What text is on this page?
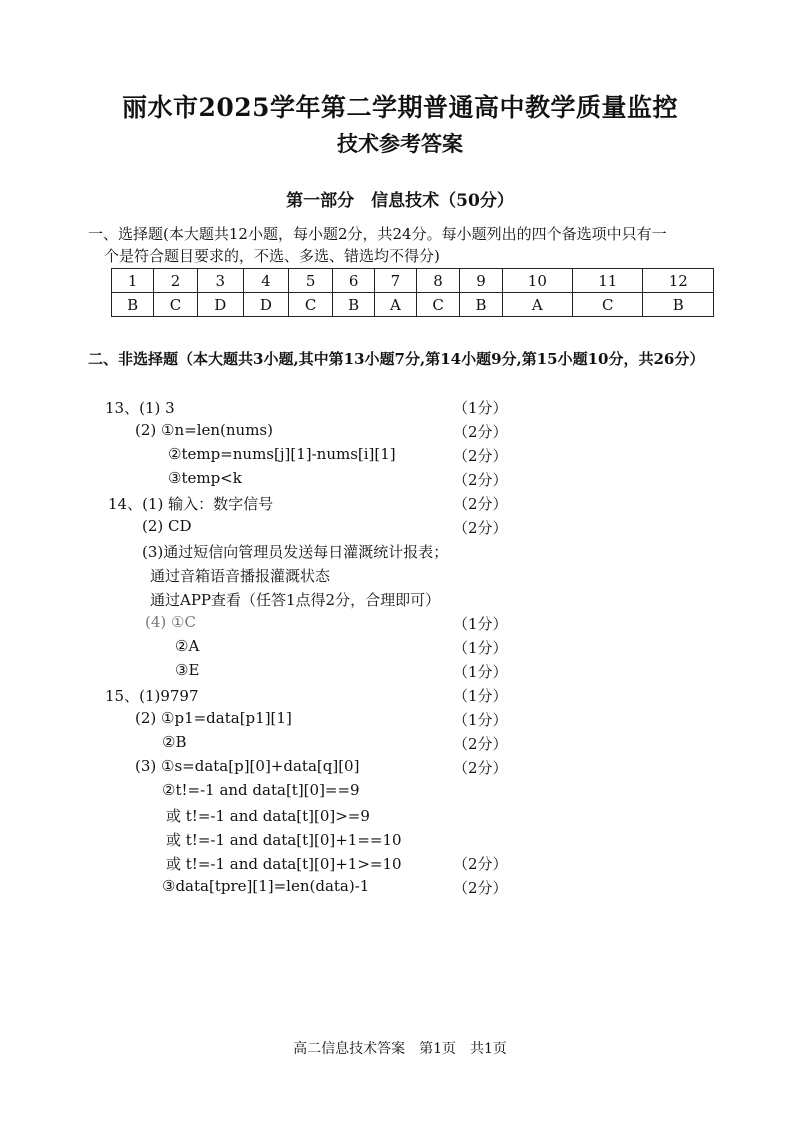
丽水市2025学年第二学期普通高中教学质量监控
技术参考答案
第一部分　信息技术（50分）
一、选择题(本大题共12小题，每小题2分，共24分。每小题列出的四个备选项中只有一
个是符合题目要求的，不选、多选、错选均不得分)
1	2	3	4	5	6	7	8	9	10	11	12
B	C	D	D	C	B	A	C	B	A	C	B
二、非选择题（本大题共3小题,其中第13小题7分,第14小题9分,第15小题10分，共26分）
13、(1) 3	（1分）
(2) ①n=len(nums)	（2分）
②temp=nums[j][1]-nums[i][1]	（2分）
③temp<k	（2分）
14、(1) 输入：数字信号	（2分）
(2) CD	（2分）
(3)通过短信向管理员发送每日灌溉统计报表；
通过音箱语音播报灌溉状态
通过APP查看（任答1点得2分，合理即可）
(4) ①C	（1分）
②A	（1分）
③E	（1分）
15、(1)9797	（1分）
(2) ①p1=data[p1][1]	（1分）
②B	（2分）
(3) ①s=data[p][0]+data[q][0]	（2分）
②t!=-1 and data[t][0]==9
或 t!=-1 and data[t][0]>=9
或 t!=-1 and data[t][0]+1==10
或 t!=-1 and data[t][0]+1>=10	（2分）
③data[tpre][1]=len(data)-1	（2分）
高二信息技术答案　第1页　共1页
